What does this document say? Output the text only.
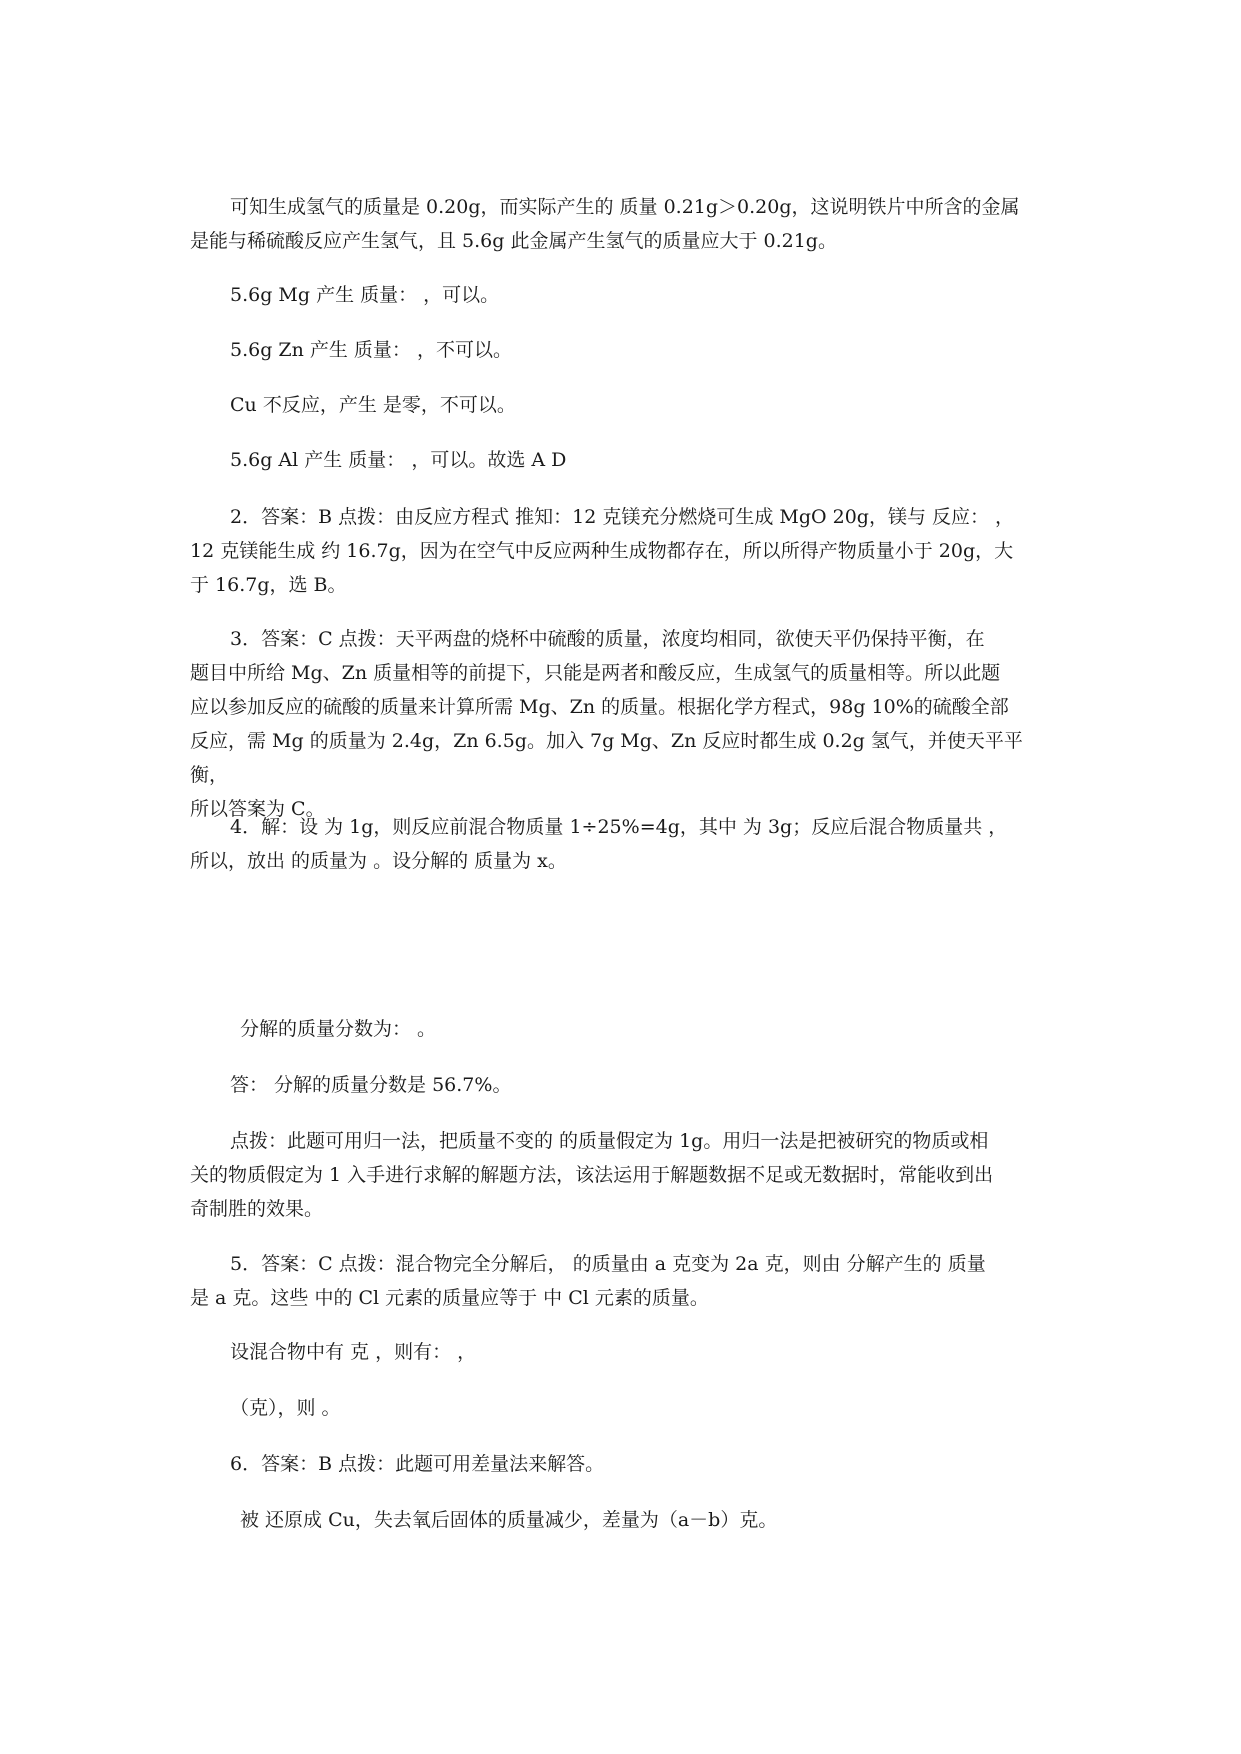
可知生成氢气的质量是 0.20g，而实际产生的 质量 0.21g＞0.20g，这说明铁片中所含的金属
是能与稀硫酸反应产生氢气，且 5.6g 此金属产生氢气的质量应大于 0.21g。

5.6g Mg 产生 质量： ，可以。

5.6g Zn 产生 质量： ，不可以。

Cu 不反应，产生 是零，不可以。

5.6g Al 产生 质量： ，可以。故选 A D

2．答案：B 点拨：由反应方程式 推知：12 克镁充分燃烧可生成 MgO 20g，镁与 反应： ，
12 克镁能生成 约 16.7g，因为在空气中反应两种生成物都存在，所以所得产物质量小于 20g，大
于 16.7g，选 B。

3．答案：C 点拨：天平两盘的烧杯中硫酸的质量，浓度均相同，欲使天平仍保持平衡，在
题目中所给 Mg、Zn 质量相等的前提下，只能是两者和酸反应，生成氢气的质量相等。所以此题
应以参加反应的硫酸的质量来计算所需 Mg、Zn 的质量。根据化学方程式，98g 10%的硫酸全部
反应，需 Mg 的质量为 2.4g，Zn 6.5g。加入 7g Mg、Zn 反应时都生成 0.2g 氢气，并使天平平衡，
所以答案为 C。

4．解：设 为 1g，则反应前混合物质量 1÷25%=4g，其中 为 3g；反应后混合物质量共 ，
所以，放出 的质量为 。设分解的 质量为 x。

分解的质量分数为： 。

答： 分解的质量分数是 56.7%。

点拨：此题可用归一法，把质量不变的 的质量假定为 1g。用归一法是把被研究的物质或相
关的物质假定为 1 入手进行求解的解题方法，该法运用于解题数据不足或无数据时，常能收到出
奇制胜的效果。

5．答案：C 点拨：混合物完全分解后， 的质量由 a 克变为 2a 克，则由 分解产生的 质量
是 a 克。这些 中的 Cl 元素的质量应等于 中 Cl 元素的质量。

设混合物中有 克 ，则有： ，

（克），则 。

6．答案：B 点拨：此题可用差量法来解答。

被 还原成 Cu，失去氧后固体的质量减少，差量为（a－b）克。
